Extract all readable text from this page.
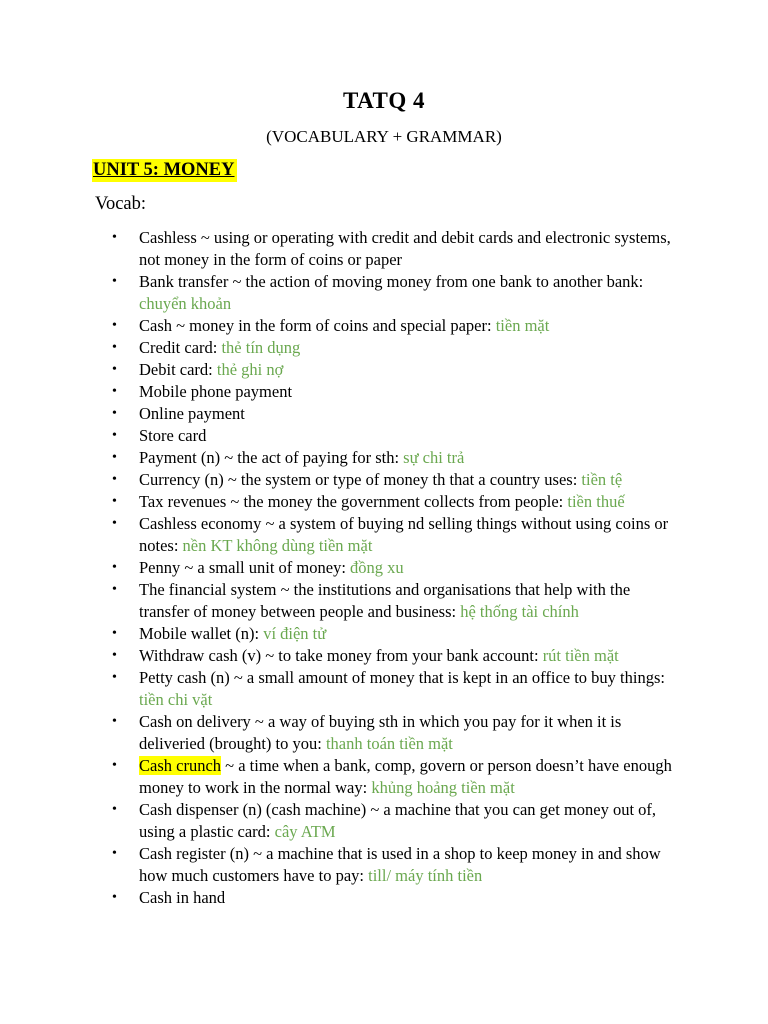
TATQ 4
(VOCABULARY + GRAMMAR)
UNIT 5: MONEY
Vocab:
• Cashless ~ using or operating with credit and debit cards and electronic systems, not money in the form of coins or paper
• Bank transfer ~ the action of moving money from one bank to another bank: chuyển khoản
• Cash ~ money in the form of coins and special paper: tiền mặt
• Credit card: thẻ tín dụng
• Debit card: thẻ ghi nợ
• Mobile phone payment
• Online payment
• Store card
• Payment (n) ~ the act of paying for sth: sự chi trả
• Currency (n) ~ the system or type of money th that a country uses: tiền tệ
• Tax revenues ~ the money the government collects from people: tiền thuế
• Cashless economy ~ a system of buying nd selling things without using coins or notes: nền KT không dùng tiền mặt
• Penny ~ a small unit of money: đồng xu
• The financial system ~ the institutions and organisations that help with the transfer of money between people and business: hệ thống tài chính
• Mobile wallet (n): ví điện tử
• Withdraw cash (v) ~ to take money from your bank account: rút tiền mặt
• Petty cash (n) ~ a small amount of money that is kept in an office to buy things: tiền chi vặt
• Cash on delivery ~ a way of buying sth in which you pay for it when it is deliveried (brought) to you: thanh toán tiền mặt
• Cash crunch ~ a time when a bank, comp, govern or person doesn’t have enough money to work in the normal way: khủng hoảng tiền mặt
• Cash dispenser (n) (cash machine) ~ a machine that you can get money out of, using a plastic card: cây ATM
• Cash register (n) ~ a machine that is used in a shop to keep money in and show how much customers have to pay: till/ máy tính tiền
• Cash in hand
